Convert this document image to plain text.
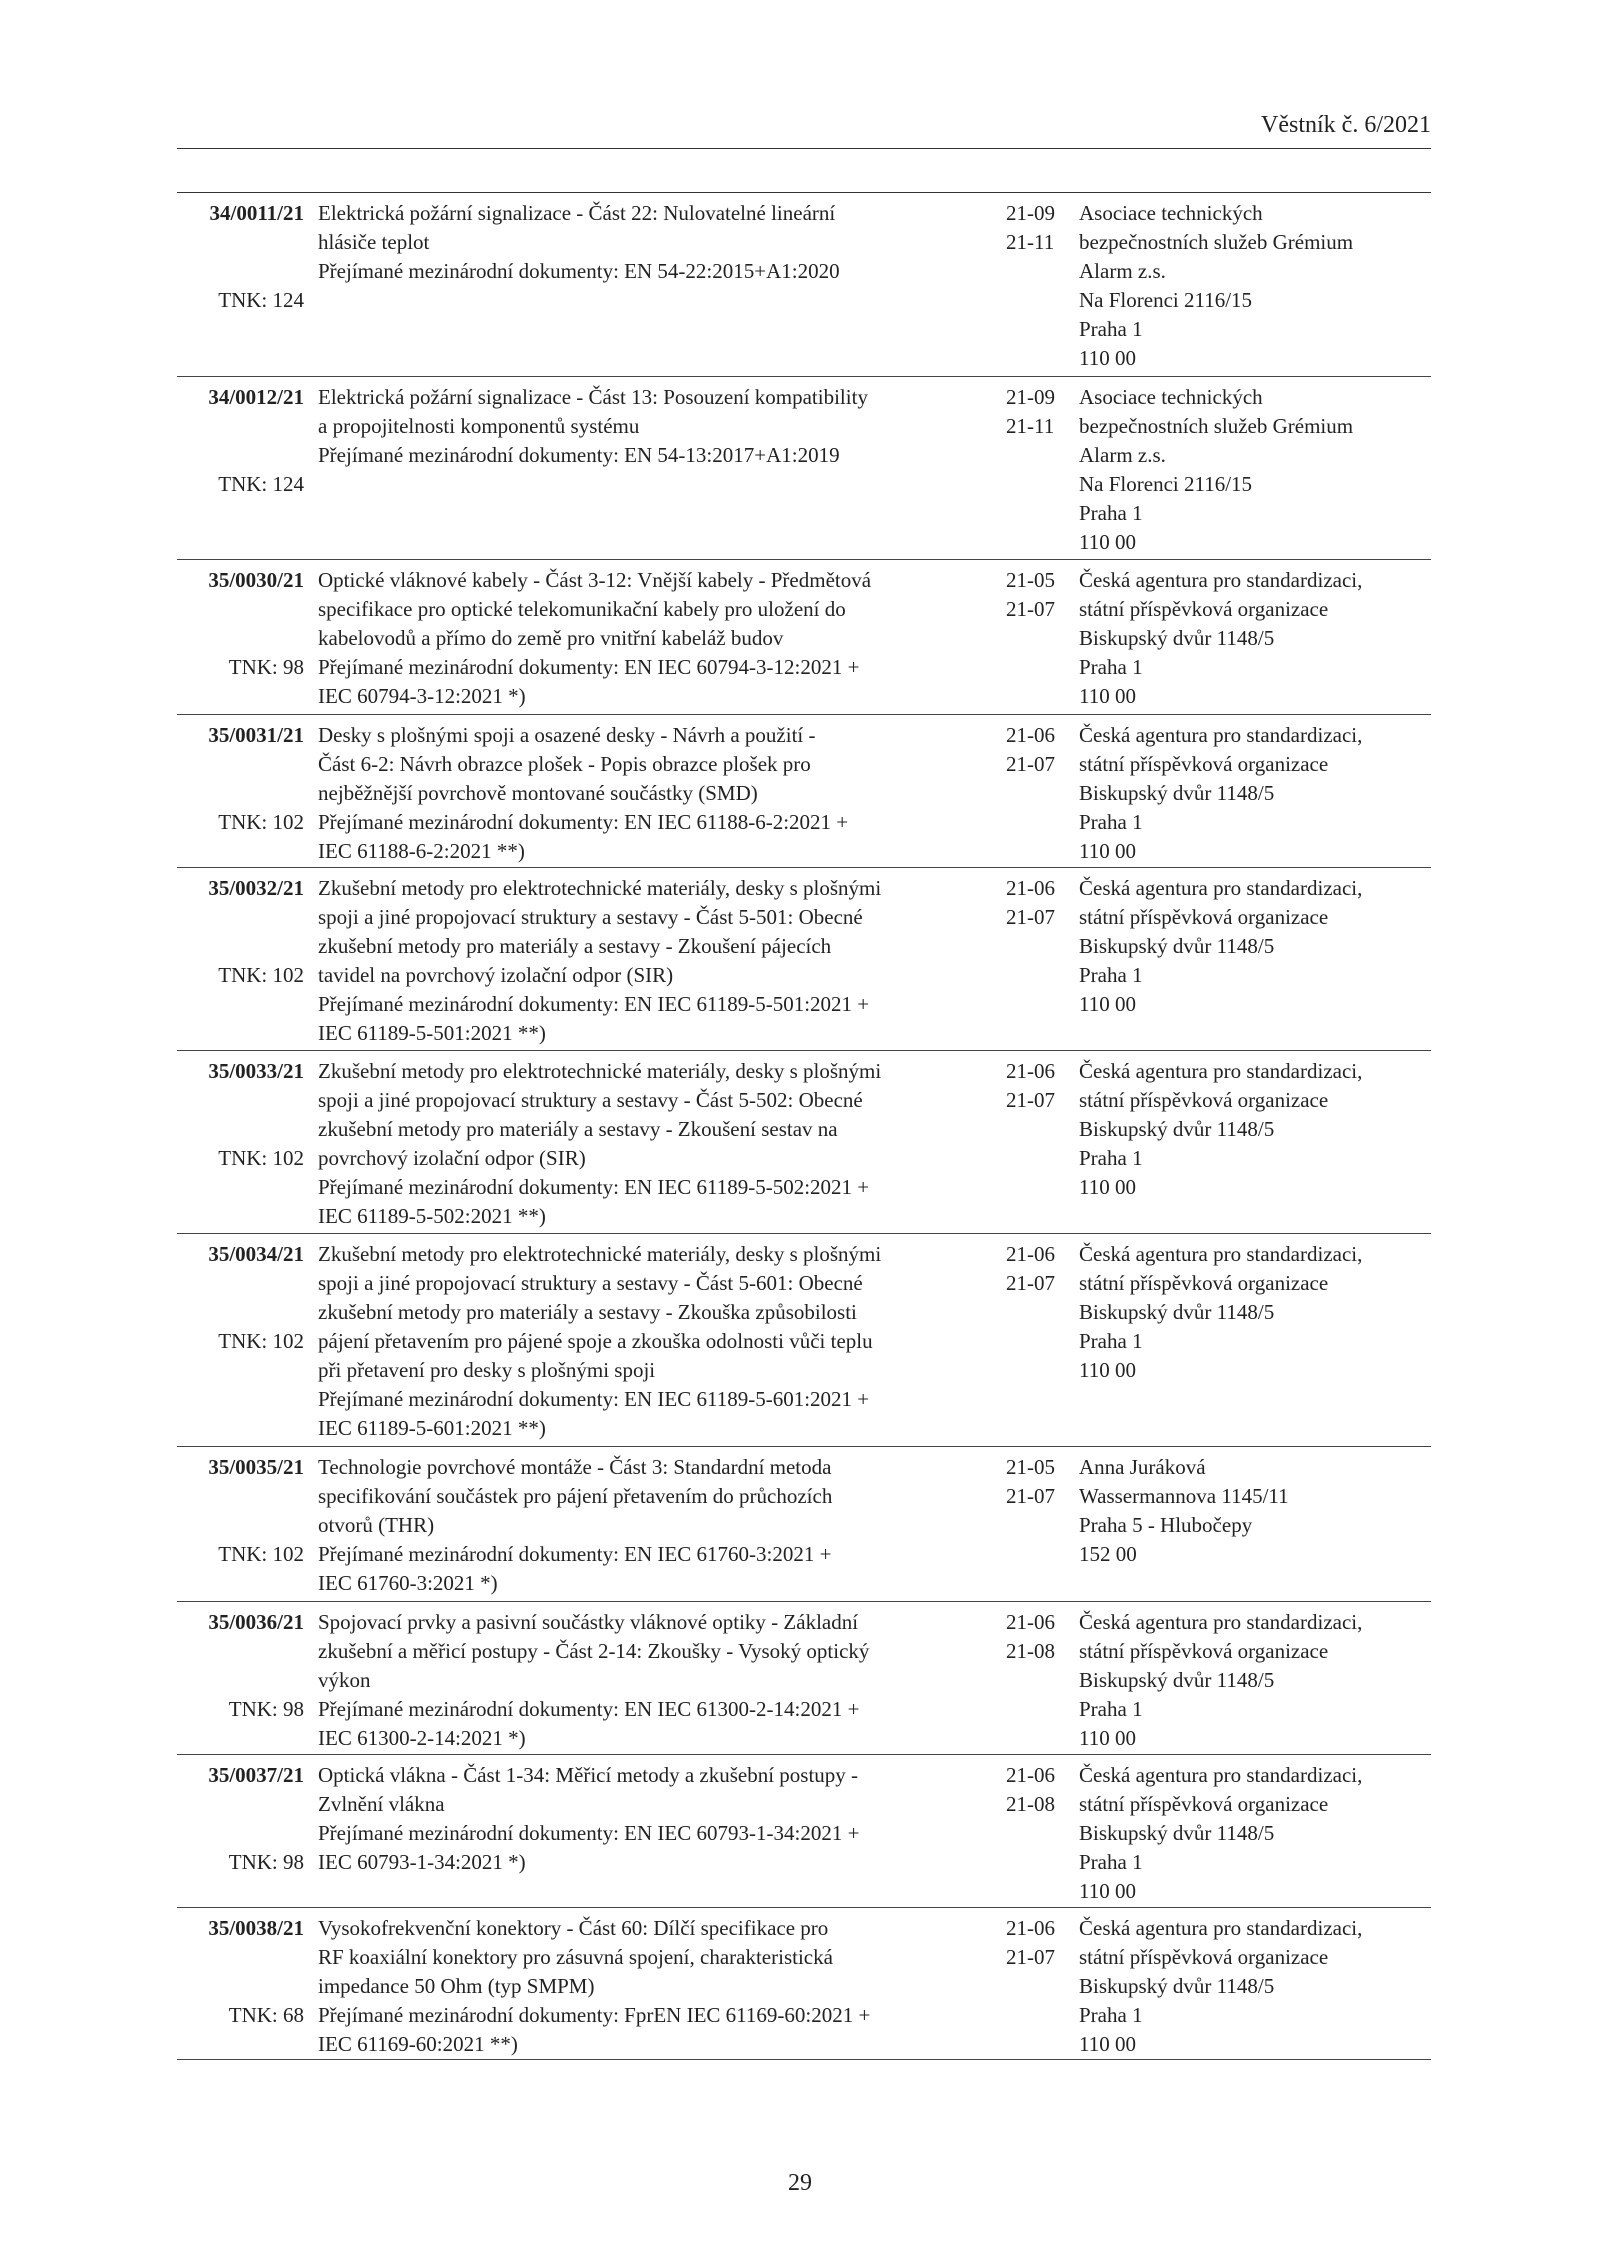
Věstník č. 6/2021
34/0011/21
TNK: 124
Elektrická požární signalizace - Část 22: Nulovatelné lineární
hlásiče teplot
Přejímané mezinárodní dokumenty: EN 54-22:2015+A1:2020
21-09
21-11
Asociace technických
bezpečnostních služeb Grémium
Alarm z.s.
Na Florenci 2116/15
Praha 1
110 00
34/0012/21
TNK: 124
Elektrická požární signalizace - Část 13: Posouzení kompatibility
a propojitelnosti komponentů systému
Přejímané mezinárodní dokumenty: EN 54-13:2017+A1:2019
21-09
21-11
Asociace technických
bezpečnostních služeb Grémium
Alarm z.s.
Na Florenci 2116/15
Praha 1
110 00
35/0030/21
TNK: 98
Optické vláknové kabely - Část 3-12: Vnější kabely - Předmětová
specifikace pro optické telekomunikační kabely pro uložení do
kabelovodů a přímo do země pro vnitřní kabeláž budov
Přejímané mezinárodní dokumenty: EN IEC 60794-3-12:2021 +
IEC 60794-3-12:2021 *)
21-05
21-07
Česká agentura pro standardizaci,
státní příspěvková organizace
Biskupský dvůr 1148/5
Praha 1
110 00
35/0031/21
TNK: 102
Desky s plošnými spoji a osazené desky - Návrh a použití -
Část 6-2: Návrh obrazce plošek - Popis obrazce plošek pro
nejběžnější povrchově montované součástky (SMD)
Přejímané mezinárodní dokumenty: EN IEC 61188-6-2:2021 +
IEC 61188-6-2:2021 **)
21-06
21-07
Česká agentura pro standardizaci,
státní příspěvková organizace
Biskupský dvůr 1148/5
Praha 1
110 00
35/0032/21
TNK: 102
Zkušební metody pro elektrotechnické materiály, desky s plošnými
spoji a jiné propojovací struktury a sestavy - Část 5-501: Obecné
zkušební metody pro materiály a sestavy - Zkoušení pájecích
tavidel na povrchový izolační odpor (SIR)
Přejímané mezinárodní dokumenty: EN IEC 61189-5-501:2021 +
IEC 61189-5-501:2021 **)
21-06
21-07
Česká agentura pro standardizaci,
státní příspěvková organizace
Biskupský dvůr 1148/5
Praha 1
110 00
35/0033/21
TNK: 102
Zkušební metody pro elektrotechnické materiály, desky s plošnými
spoji a jiné propojovací struktury a sestavy - Část 5-502: Obecné
zkušební metody pro materiály a sestavy - Zkoušení sestav na
povrchový izolační odpor (SIR)
Přejímané mezinárodní dokumenty: EN IEC 61189-5-502:2021 +
IEC 61189-5-502:2021 **)
21-06
21-07
Česká agentura pro standardizaci,
státní příspěvková organizace
Biskupský dvůr 1148/5
Praha 1
110 00
35/0034/21
TNK: 102
Zkušební metody pro elektrotechnické materiály, desky s plošnými
spoji a jiné propojovací struktury a sestavy - Část 5-601: Obecné
zkušební metody pro materiály a sestavy - Zkouška způsobilosti
pájení přetavením pro pájené spoje a zkouška odolnosti vůči teplu
při přetavení pro desky s plošnými spoji
Přejímané mezinárodní dokumenty: EN IEC 61189-5-601:2021 +
IEC 61189-5-601:2021 **)
21-06
21-07
Česká agentura pro standardizaci,
státní příspěvková organizace
Biskupský dvůr 1148/5
Praha 1
110 00
35/0035/21
TNK: 102
Technologie povrchové montáže - Část 3: Standardní metoda
specifikování součástek pro pájení přetavením do průchozích
otvorů (THR)
Přejímané mezinárodní dokumenty: EN IEC 61760-3:2021 +
IEC 61760-3:2021 *)
21-05
21-07
Anna Juráková
Wassermannova 1145/11
Praha 5 - Hlubočepy
152 00
35/0036/21
TNK: 98
Spojovací prvky a pasivní součástky vláknové optiky - Základní
zkušební a měřicí postupy - Část 2-14: Zkoušky - Vysoký optický
výkon
Přejímané mezinárodní dokumenty: EN IEC 61300-2-14:2021 +
IEC 61300-2-14:2021 *)
21-06
21-08
Česká agentura pro standardizaci,
státní příspěvková organizace
Biskupský dvůr 1148/5
Praha 1
110 00
35/0037/21
TNK: 98
Optická vlákna - Část 1-34: Měřicí metody a zkušební postupy -
Zvlnění vlákna
Přejímané mezinárodní dokumenty: EN IEC 60793-1-34:2021 +
IEC 60793-1-34:2021 *)
21-06
21-08
Česká agentura pro standardizaci,
státní příspěvková organizace
Biskupský dvůr 1148/5
Praha 1
110 00
35/0038/21
TNK: 68
Vysokofrekvenční konektory - Část 60: Dílčí specifikace pro
RF koaxiální konektory pro zásuvná spojení, charakteristická
impedance 50 Ohm (typ SMPM)
Přejímané mezinárodní dokumenty: FprEN IEC 61169-60:2021 +
IEC 61169-60:2021 **)
21-06
21-07
Česká agentura pro standardizaci,
státní příspěvková organizace
Biskupský dvůr 1148/5
Praha 1
110 00
29
